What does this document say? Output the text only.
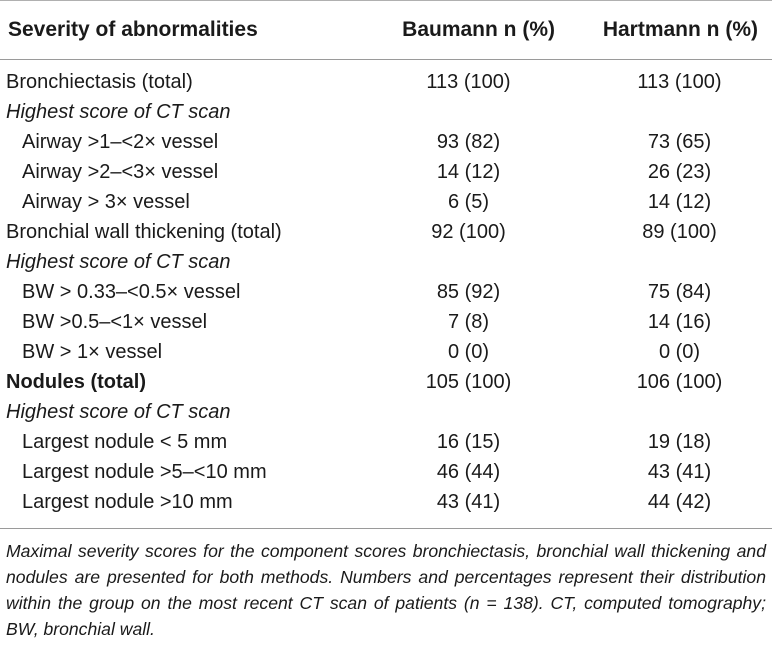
Severity of abnormalities	Baumann n (%)	Hartmann n (%)
Bronchiectasis (total)	113 (100)	113 (100)
Highest score of CT scan		
Airway >1–<2× vessel	93 (82)	73 (65)
Airway >2–<3× vessel	14 (12)	26 (23)
Airway > 3× vessel	6 (5)	14 (12)
Bronchial wall thickening (total)	92 (100)	89 (100)
Highest score of CT scan		
BW > 0.33–<0.5× vessel	85 (92)	75 (84)
BW >0.5–<1× vessel	7 (8)	14 (16)
BW > 1× vessel	0 (0)	0 (0)
Nodules (total)	105 (100)	106 (100)
Highest score of CT scan		
Largest nodule < 5 mm	16 (15)	19 (18)
Largest nodule >5–<10 mm	46 (44)	43 (41)
Largest nodule >10 mm	43 (41)	44 (42)
Maximal severity scores for the component scores bronchiectasis, bronchial wall thickening and nodules are presented for both methods. Numbers and percentages represent their distribution within the group on the most recent CT scan of patients (n = 138). CT, computed tomography; BW, bronchial wall.
